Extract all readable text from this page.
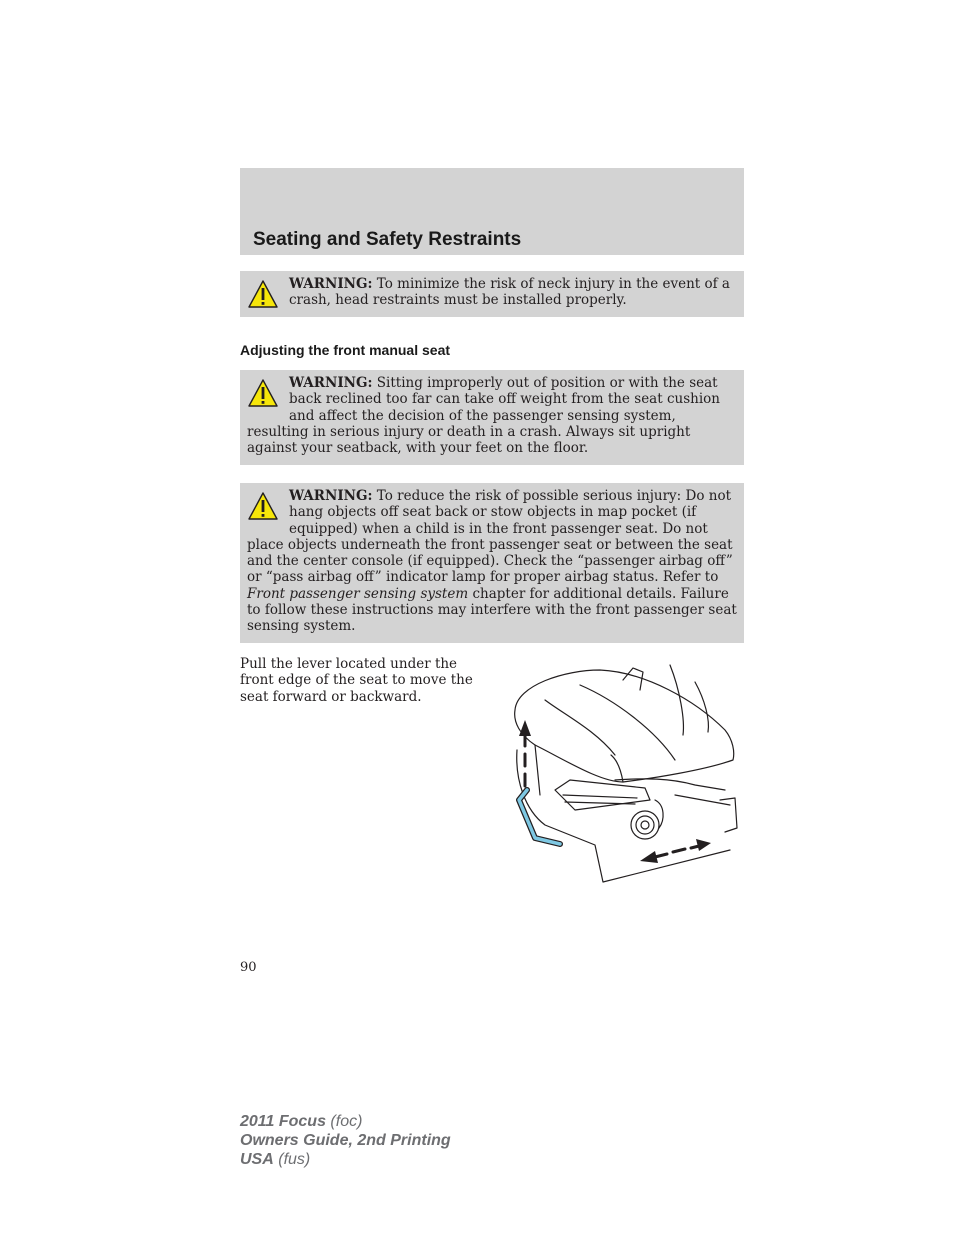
Seating and Safety Restraints
WARNING: To minimize the risk of neck injury in the event of a crash, head restraints must be installed properly.
Adjusting the front manual seat
WARNING: Sitting improperly out of position or with the seat back reclined too far can take off weight from the seat cushion and affect the decision of the passenger sensing system, resulting in serious injury or death in a crash. Always sit upright against your seatback, with your feet on the floor.
WARNING: To reduce the risk of possible serious injury: Do not hang objects off seat back or stow objects in map pocket (if equipped) when a child is in the front passenger seat. Do not place objects underneath the front passenger seat or between the seat and the center console (if equipped). Check the “passenger airbag off” or “pass airbag off” indicator lamp for proper airbag status. Refer to Front passenger sensing system chapter for additional details. Failure to follow these instructions may interfere with the front passenger seat sensing system.

Pull the lever located under the front edge of the seat to move the seat forward or backward.

90

2011 Focus (foc)
Owners Guide, 2nd Printing
USA (fus)
